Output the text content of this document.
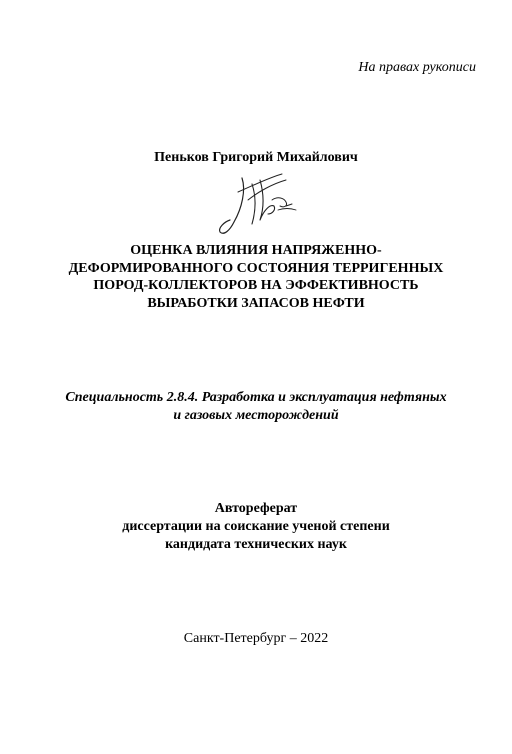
На правах рукописи
Пеньков Григорий Михайлович
ОЦЕНКА ВЛИЯНИЯ НАПРЯЖЕННО-
ДЕФОРМИРОВАННОГО СОСТОЯНИЯ ТЕРРИГЕННЫХ
ПОРОД-КОЛЛЕКТОРОВ НА ЭФФЕКТИВНОСТЬ
ВЫРАБОТКИ ЗАПАСОВ НЕФТИ
Специальность 2.8.4. Разработка и эксплуатация нефтяных
и газовых месторождений
Автореферат
диссертации на соискание ученой степени
кандидата технических наук
Санкт-Петербург – 2022
